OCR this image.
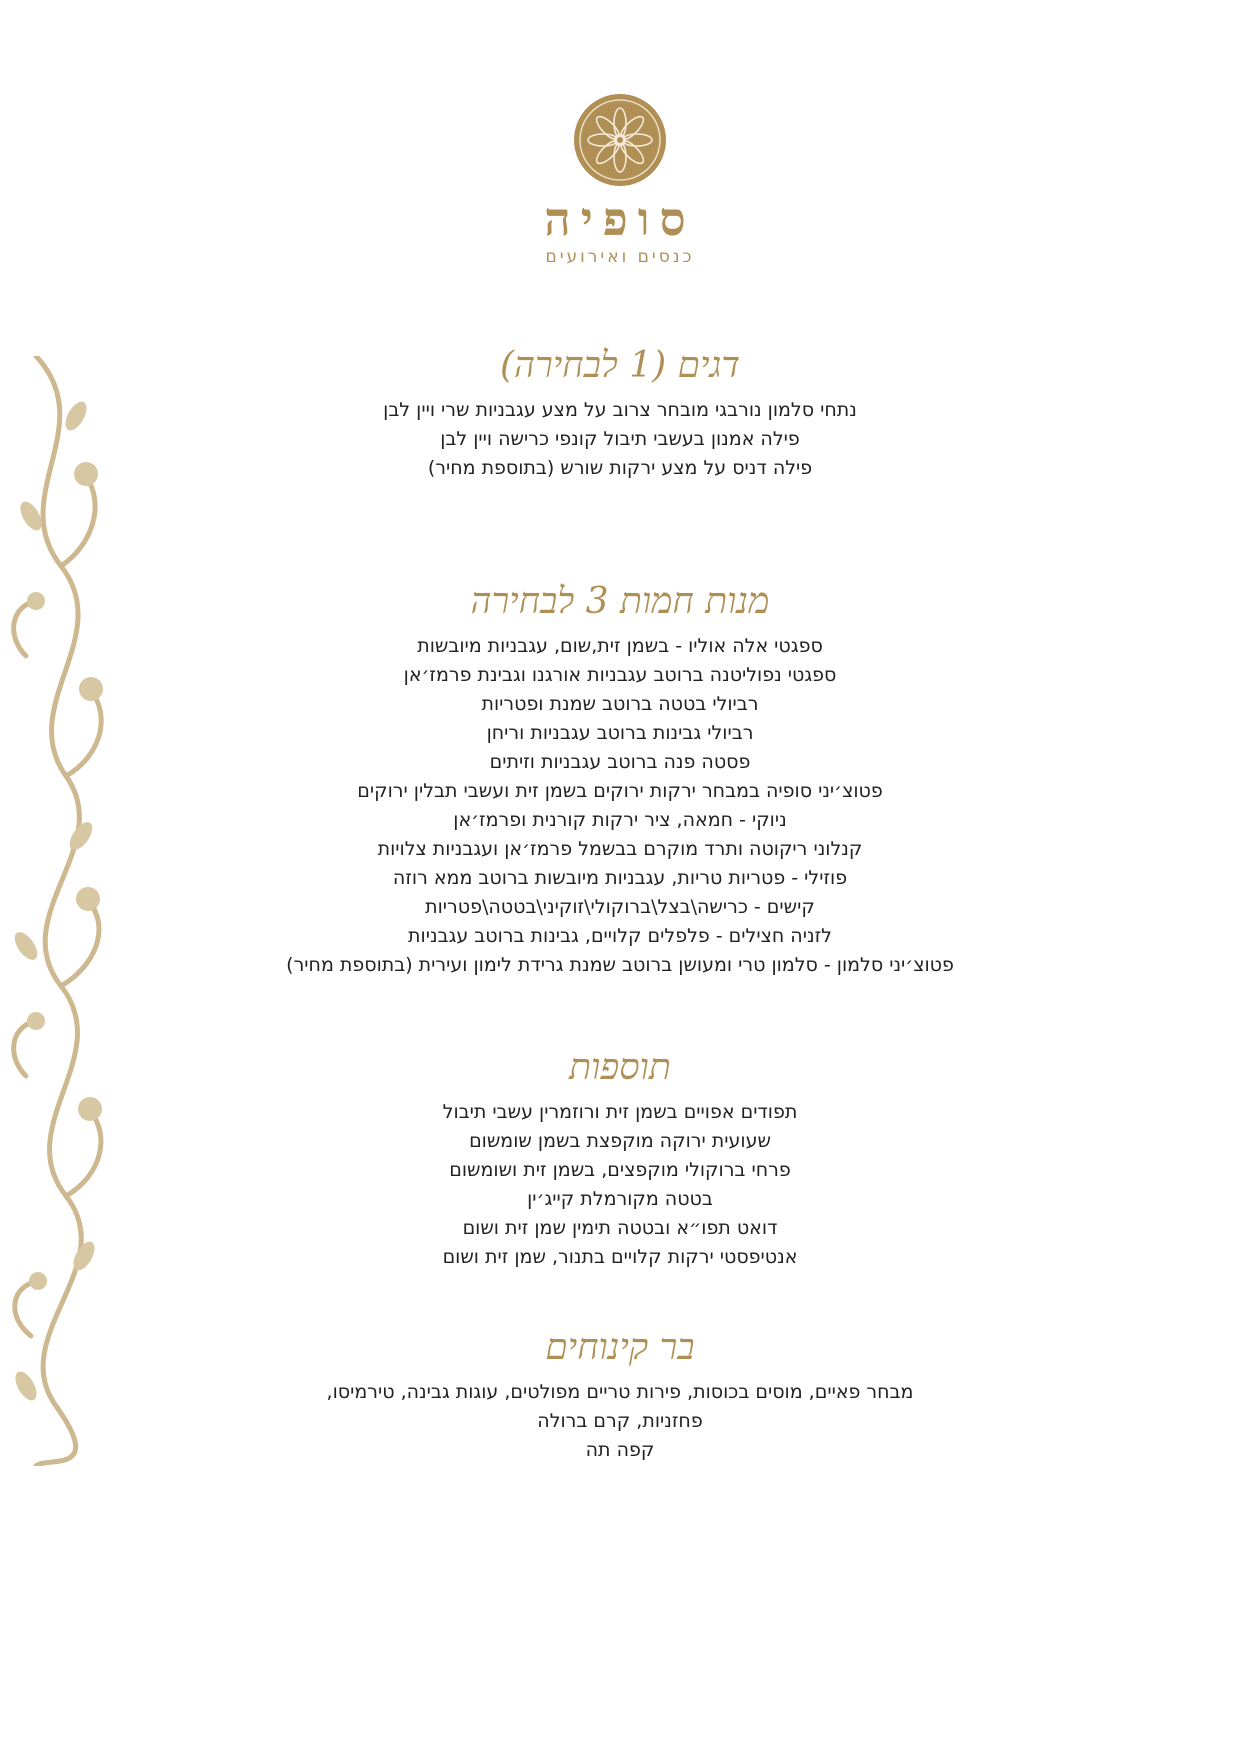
סופיה
כנסים ואירועים
דגים (1 לבחירה)
נתחי סלמון נורבגי מובחר צרוב על מצע עגבניות שרי ויין לבן
פילה אמנון בעשבי תיבול קונפי כרישה ויין לבן
פילה דניס על מצע ירקות שורש (בתוספת מחיר)
מנות חמות 3 לבחירה
ספגטי אלה אוליו - בשמן זית,שום, עגבניות מיובשות
ספגטי נפוליטנה ברוטב עגבניות אורגנו וגבינת פרמז׳אן
רביולי בטטה ברוטב שמנת ופטריות
רביולי גבינות ברוטב עגבניות וריחן
פסטה פנה ברוטב עגבניות וזיתים
פטוצ׳יני סופיה במבחר ירקות ירוקים בשמן זית ועשבי תבלין ירוקים
ניוקי - חמאה, ציר ירקות קורנית ופרמז׳אן
קנלוני ריקוטה ותרד מוקרם בבשמל פרמז׳אן ועגבניות צלויות
פוזילי - פטריות טריות, עגבניות מיובשות ברוטב ממא רוזה
קישים - כרישה\בצל\ברוקולי\זוקיני\בטטה\פטריות
לזניה חצילים - פלפלים קלויים, גבינות ברוטב עגבניות
פטוצ׳יני סלמון - סלמון טרי ומעושן ברוטב שמנת גרידת לימון ועירית (בתוספת מחיר)
תוספות
תפודים אפויים בשמן זית ורוזמרין עשבי תיבול
שעועית ירוקה מוקפצת בשמן שומשום
פרחי ברוקולי מוקפצים, בשמן זית ושומשום
בטטה מקורמלת קייג׳ין
דואט תפו״א ובטטה תימין שמן זית ושום
אנטיפסטי ירקות קלויים בתנור, שמן זית ושום
בר קינוחים
מבחר פאיים, מוסים בכוסות, פירות טריים מפולטים, עוגות גבינה, טירמיסו,
פחזניות, קרם ברולה
קפה תה
